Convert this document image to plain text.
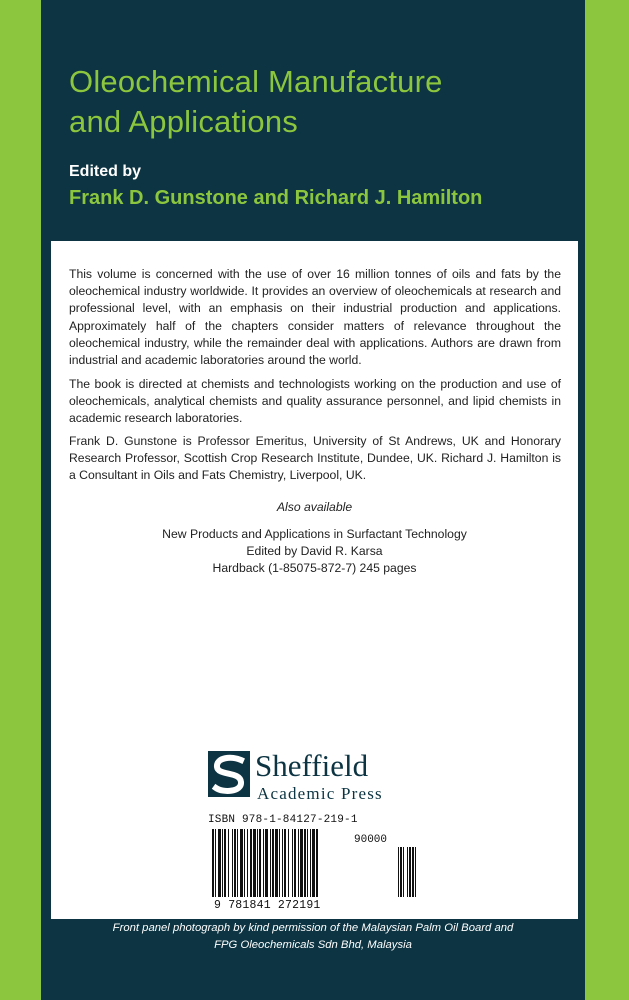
Oleochemical Manufacture
and Applications
Edited by
Frank D. Gunstone and Richard J. Hamilton

This volume is concerned with the use of over 16 million tonnes of oils and fats by the oleochemical industry worldwide. It provides an overview of oleochemicals at research and professional level, with an emphasis on their industrial production and applications. Approximately half of the chapters consider matters of relevance throughout the oleochemical industry, while the remainder deal with applications. Authors are drawn from industrial and academic laboratories around the world.

The book is directed at chemists and technologists working on the production and use of oleochemicals, analytical chemists and quality assurance personnel, and lipid chemists in academic research laboratories.

Frank D. Gunstone is Professor Emeritus, University of St Andrews, UK and Honorary Research Professor, Scottish Crop Research Institute, Dundee, UK. Richard J. Hamilton is a Consultant in Oils and Fats Chemistry, Liverpool, UK.

Also available
New Products and Applications in Surfactant Technology
Edited by David R. Karsa
Hardback (1-85075-872-7) 245 pages
Sheffield
Academic Press
ISBN 978-1-84127-219-1
90000
9 781841 272191
Front panel photograph by kind permission of the Malaysian Palm Oil Board and
FPG Oleochemicals Sdn Bhd, Malaysia
